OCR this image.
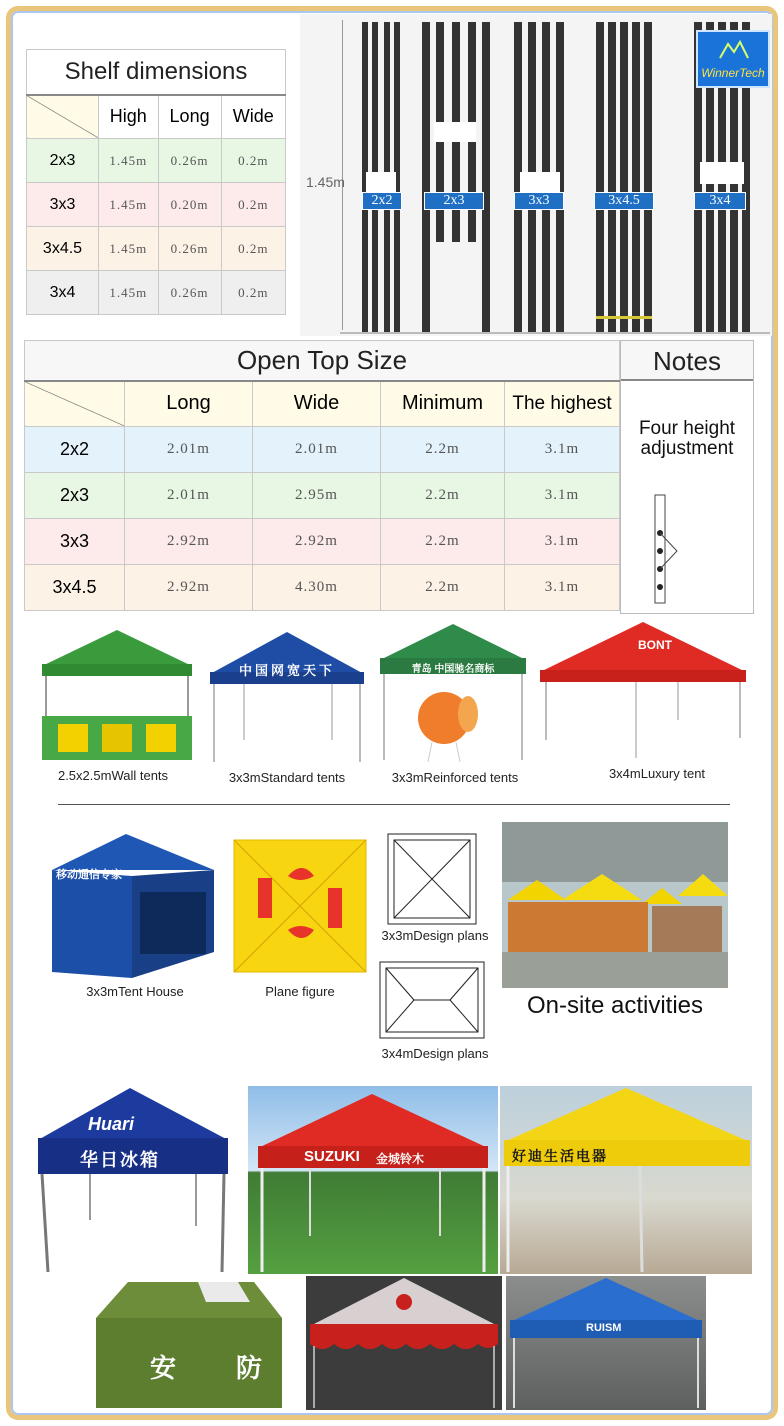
Shelf dimensions			
	High	Long	Wide
2x3	1.45m	0.26m	0.2m
3x3	1.45m	0.20m	0.2m
3x4.5	1.45m	0.26m	0.2m
3x4	1.45m	0.26m	0.2m
1.45m
2x2	2x3	3x3	3x4.5	3x4
WinnerTech
Open Top Size				
	Long	Wide	Minimum	The highest
2x2	2.01m	2.01m	2.2m	3.1m
2x3	2.01m	2.95m	2.2m	3.1m
3x3	2.92m	2.92m	2.2m	3.1m
3x4.5	2.92m	4.30m	2.2m	3.1m
Notes
Four height adjustment
2.5x2.5mWall tents
中国网宽天下
3x3mStandard tents
青岛 中国驰名商标
3x3mReinforced tents
BONT
3x4mLuxury tent
移动通信专家
3x3mTent House	Plane figure
3x3mDesign plans
3x4mDesign plans
On-site activities
Huari
华日冰箱	SUZUKI 金城铃木	好迪生活电器
安 防
RUISM
